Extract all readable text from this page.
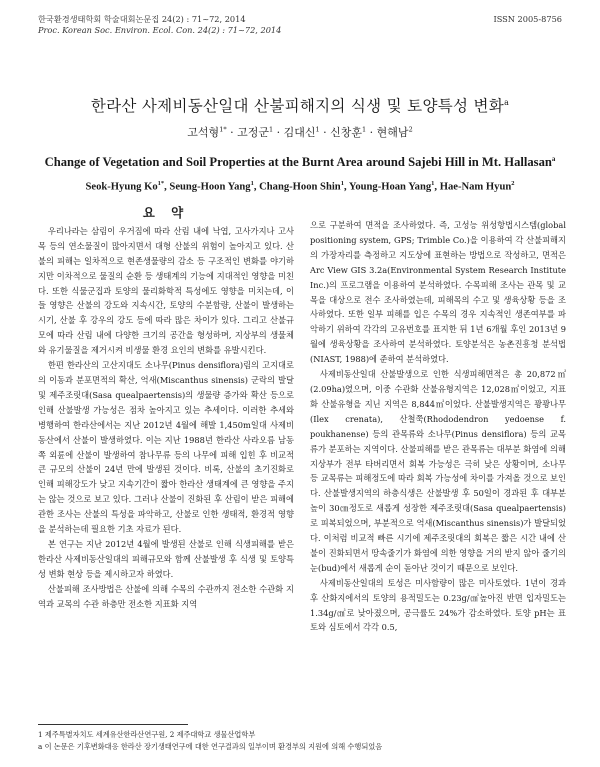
한국환경생태학회 학술대회논문집 24(2) : 71~72, 2014	ISSN 2005-8756
Proc. Korean Soc. Environ. Ecol. Con. 24(2) : 71~72, 2014
한라산 사제비동산일대 산불피해지의 식생 및 토양특성 변화$^a$
고석형$^{1*}$ · 고정군$^1$ · 김대신$^1$ · 신창훈$^1$ · 현해남$^2$
Change of Vegetation and Soil Properties at the Burnt Area around Sajebi Hill in Mt. Hallasan$^a$
Seok-Hyung $Ko^{1*}$, Seung-Hoon Yang$^1$, Chang-Hoon Shin$^1$, Young-Hoan Yang$^1$, Hae-Nam Hyun$^2$
요 약

우리나라는 삼림이 우거짐에 따라 산림 내에 낙엽, 고사가지나 고사목 등의 연소물질이 많아지면서 대형 산불의 위험이 높아지고 있다. 산불의 피해는 일차적으로 현존생물량의 감소 등 구조적인 변화를 야기하지만 이차적으로 물질의 순환 등 생태계의 기능에 지대적인 영향을 미친다. 또한 식물군집과 토양의 물리화학적 특성에도 영향을 미치는데, 이들 영향은 산불의 강도와 지속시간, 토양의 수분함량, 산불이 발생하는 시기, 산불 후 강우의 강도 등에 따라 많은 차이가 있다. 그리고 산불규모에 따라 산림 내에 다양한 크기의 공간을 형성하며, 지상부의 생물체와 유기물질을 제거시켜 비생물 환경 요인의 변화를 유발시킨다.

한편 한라산의 고산지대도 소나무(Pinus densiflora)림의 고지대로의 이동과 분포면적의 확산, 억새(Miscanthus sinensis) 군락의 발달 및 제주조릿대(Sasa quealpaertensis)의 생물량 증가와 확산 등으로 인해 산불발생 가능성은 점차 높아지고 있는 추세이다. 이러한 추세와 병행하여 한라산에서는 지난 2012년 4월에 해발 1,450m일대 사제비 동산에서 산불이 발생하였다. 이는 지난 1988년 한라산 사라오름 남동쪽 외륜에 산불이 발생하여 참나무류 등의 나무에 피해 입힌 후 비교적 큰 규모의 산불이 24년 만에 발생된 것이다. 비록, 산불의 초기진화로 인해 피해강도가 낮고 지속기간이 짧아 한라산 생태계에 큰 영향을 주지는 않는 것으로 보고 있다. 그러나 산불이 진화된 후 산림이 받은 피해에 관한 조사는 산불의 특성을 파악하고, 산불로 인한 생태적, 환경적 영향을 분석하는데 필요한 기초 자료가 된다.

본 연구는 지난 2012년 4월에 발생된 산불로 인해 식생피해를 받은 한라산 사제비동산일대의 피해규모와 함께 산불발생 후 식생 및 토양특성 변화 현상 등을 제시하고자 하였다.

산불피해 조사방법은 산불에 의해 수목의 수관까지 전소한 수관화 지역과 교목의 수관 하층만 전소한 지표화 지역

으로 구분하여 면적을 조사하였다. 즉, 고성능 위성항법시스템(global positioning system, GPS; Trimble Co.)을 이용하여 각 산불피해지의 가장자리를 측정하고 지도상에 표현하는 방법으로 작성하고, 면적은 Arc View GIS 3.2a(Environmental System Research Institute Inc.)의 프로그램을 이용하여 분석하였다. 수목피해 조사는 관목 및 교목을 대상으로 전수 조사하였는데, 피해목의 수고 및 생육상황 등을 조사하였다. 또한 일부 피해를 입은 수목의 경우 지속적인 생존여부를 파악하기 위하여 각각의 고유번호를 표지한 뒤 1년 6개월 후인 2013년 9월에 생육상황을 조사하여 분석하였다. 토양분석은 농촌진흥청 분석법(NIAST, 1988)에 준하여 분석하였다.

사제비동산일대 산불발생으로 인한 식생피해면적은 총 20,872㎡(2.09ha)였으며, 이중 수관화 산불유형지역은 12,028㎡이었고, 지표화 산불유형을 지닌 지역은 8,844㎡이었다. 산불발생지역은 꽝꽝나무(Ilex crenata), 산철쭉(Rhododendron yedoense f. poukhanense) 등의 관목류와 소나무(Pinus densiflora) 등의 교목류가 분포하는 지역이다. 산불피해를 받은 관목류는 대부분 화염에 의해 지상부가 전부 타버리면서 회복 가능성은 극히 낮은 상황이며, 소나무 등 교목류는 피해정도에 따라 회복 가능성에 차이를 가져올 것으로 보인다. 산불발생지역의 하층식생은 산불발생 후 50일이 경과된 후 대부분 높이 30㎝정도로 새롭게 성장한 제주조릿대(Sasa quealpaertensis)로 피복되었으며, 부분적으로 억새(Miscanthus sinensis)가 발달되었다. 이처럼 비교적 빠른 시기에 제주조릿대의 회복은 짧은 시간 내에 산불이 진화되면서 땅속줄기가 화염에 의한 영향을 거의 받지 않아 줄기의 눈(bud)에서 새롭게 순이 돋아난 것이기 때문으로 보인다.

사제비동산일대의 토성은 미사함량이 많은 미사토였다. 1년이 경과 후 산화지에서의 토양의 용적밀도는 0.23g/㎤높아진 반면 입자밀도는 1.34g/㎤로 낮아졌으며, 공극률도 24%가 감소하였다. 토양 pH는 표토와 심토에서 각각 0.5,

1 제주특별자치도 세계유산한라산연구원, 2 제주대학교 생물산업학부
a 이 논문은 기후변화대응 한라산 장기생태연구에 대한 연구결과의 일부이며 환경부의 지원에 의해 수행되었음
